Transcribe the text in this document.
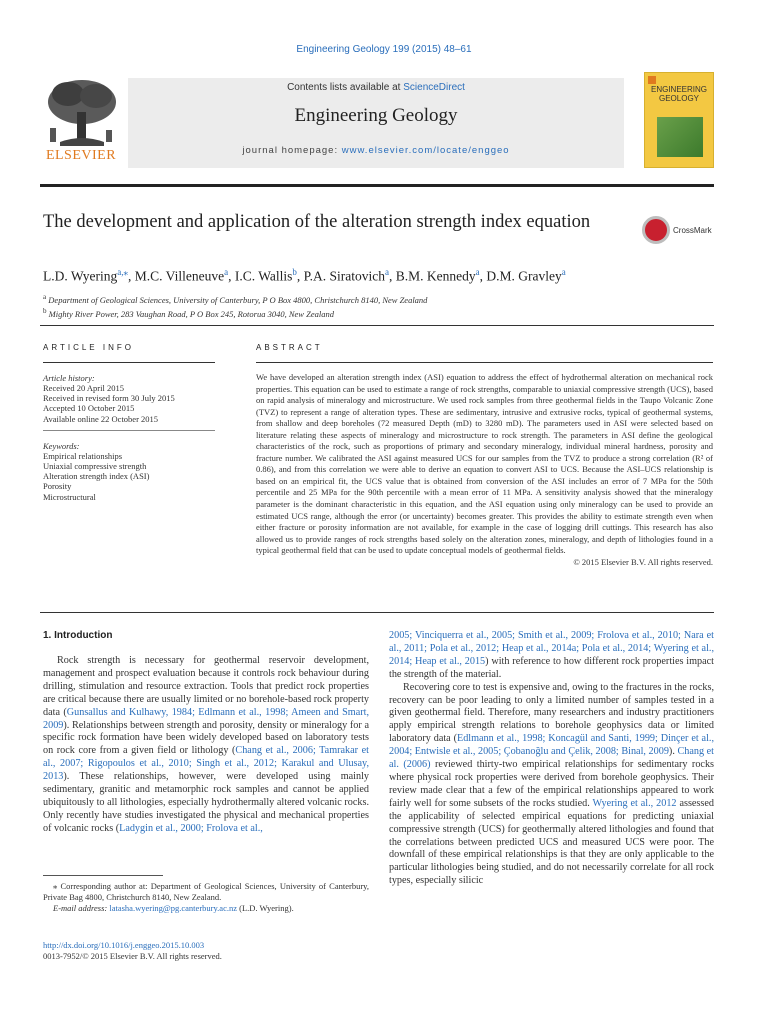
Engineering Geology 199 (2015) 48–61
ELSEVIER
Contents lists available at ScienceDirect
Engineering Geology
journal homepage: www.elsevier.com/locate/enggeo
ENGINEERING GEOLOGY
The development and application of the alteration strength index equation	CrossMark
L.D. Wyering$^{a,⁎}$, M.C. Villeneuve$^a$, I.C. Wallis$^b$, P.A. Siratovich$^a$, B.M. Kennedy$^a$, D.M. Gravley$^a$
$^a$ Department of Geological Sciences, University of Canterbury, P O Box 4800, Christchurch 8140, New Zealand
$^b$ Mighty River Power, 283 Vaughan Road, P O Box 245, Rotorua 3040, New Zealand
ARTICLE INFO
Article history:
Received 20 April 2015
Received in revised form 30 July 2015
Accepted 10 October 2015
Available online 22 October 2015
Keywords:
Empirical relationships
Uniaxial compressive strength
Alteration strength index (ASI)
Porosity
Microstructural
ABSTRACT

We have developed an alteration strength index (ASI) equation to address the effect of hydrothermal alteration on mechanical rock properties. This equation can be used to estimate a range of rock strengths, comparable to uniaxial compressive strength (UCS), based on rapid analysis of mineralogy and microstructure. We used rock samples from three geothermal fields in the Taupo Volcanic Zone (TVZ) to represent a range of alteration types. These are sedimentary, intrusive and extrusive rocks, typical of geothermal systems, from shallow and deep boreholes (72 measured Depth (mD) to 3280 mD). The parameters used in ASI were selected based on literature relating these aspects of mineralogy and microstructure to rock strength. The parameters in ASI define the geological characteristics of the rock, such as proportions of primary and secondary mineralogy, individual mineral hardness, porosity and fracture number. We calibrated the ASI against measured UCS for our samples from the TVZ to produce a strong correlation (R² of 0.86), and from this correlation we were able to derive an equation to convert ASI to UCS. Because the ASI–UCS relationship is based on an empirical fit, the UCS value that is obtained from conversion of the ASI includes an error of 7 MPa for the 50th percentile and 25 MPa for the 90th percentile with a mean error of 11 MPa. A sensitivity analysis showed that the mineralogy parameter is the dominant characteristic in this equation, and the ASI equation using only mineralogy can be used to provide an estimated UCS range, although the error (or uncertainty) becomes greater. This provides the ability to estimate strength even when either fracture or porosity information are not available, for example in the case of logging drill cuttings. This research has also allowed us to provide ranges of rock strengths based solely on the alteration zones, mineralogy, and depth of lithologies found in a typical geothermal field that can be used to update conceptual models of geothermal fields.

© 2015 Elsevier B.V. All rights reserved.
1. Introduction

Rock strength is necessary for geothermal reservoir development, management and prospect evaluation because it controls rock behaviour during drilling, stimulation and resource extraction. Tools that predict rock properties are critical because there are usually limited or no borehole-based rock property data (Gunsallus and Kulhawy, 1984; Edlmann et al., 1998; Ameen and Smart, 2009). Relationships between strength and porosity, density or mineralogy for a specific rock formation have been widely developed based on laboratory tests on rock core from a given field or lithology (Chang et al., 2006; Tamrakar et al., 2007; Rigopoulos et al., 2010; Singh et al., 2012; Karakul and Ulusay, 2013). These relationships, however, were developed using mainly sedimentary, granitic and metamorphic rock samples and cannot be applied ubiquitously to all lithologies, especially hydrothermally altered volcanic rocks. Only recently have studies investigated the physical and mechanical properties of volcanic rocks (Ladygin et al., 2000; Frolova et al.,

2005; Vinciquerra et al., 2005; Smith et al., 2009; Frolova et al., 2010; Nara et al., 2011; Pola et al., 2012; Heap et al., 2014a; Pola et al., 2014; Wyering et al., 2014; Heap et al., 2015) with reference to how different rock properties impact the strength of the material.

Recovering core to test is expensive and, owing to the fractures in the rocks, recovery can be poor leading to only a limited number of samples tested in a given geothermal field. Therefore, many researchers and industry practitioners apply empirical strength relations to borehole geophysics data or limited laboratory data (Edlmann et al., 1998; Koncagül and Santi, 1999; Dinçer et al., 2004; Entwisle et al., 2005; Çobanoğlu and Çelik, 2008; Binal, 2009). Chang et al. (2006) reviewed thirty-two empirical relationships for sedimentary rocks where physical rock properties were derived from borehole geophysics. Their review made clear that a few of the empirical relationships appeared to work fairly well for some subsets of the rocks studied. Wyering et al., 2012 assessed the applicability of selected empirical equations for predicting uniaxial compressive strength (UCS) for geothermally altered lithologies and found that the correlations between predicted UCS and measured UCS were poor. The downfall of these empirical relationships is that they are only applicable to the particular lithologies being studied, and do not necessarily correlate for all rock types, especially silicic

⁎ Corresponding author at: Department of Geological Sciences, University of Canterbury, Private Bag 4800, Christchurch 8140, New Zealand.
E-mail address: latasha.wyering@pg.canterbury.ac.nz (L.D. Wyering).
http://dx.doi.org/10.1016/j.enggeo.2015.10.003
0013-7952/© 2015 Elsevier B.V. All rights reserved.
